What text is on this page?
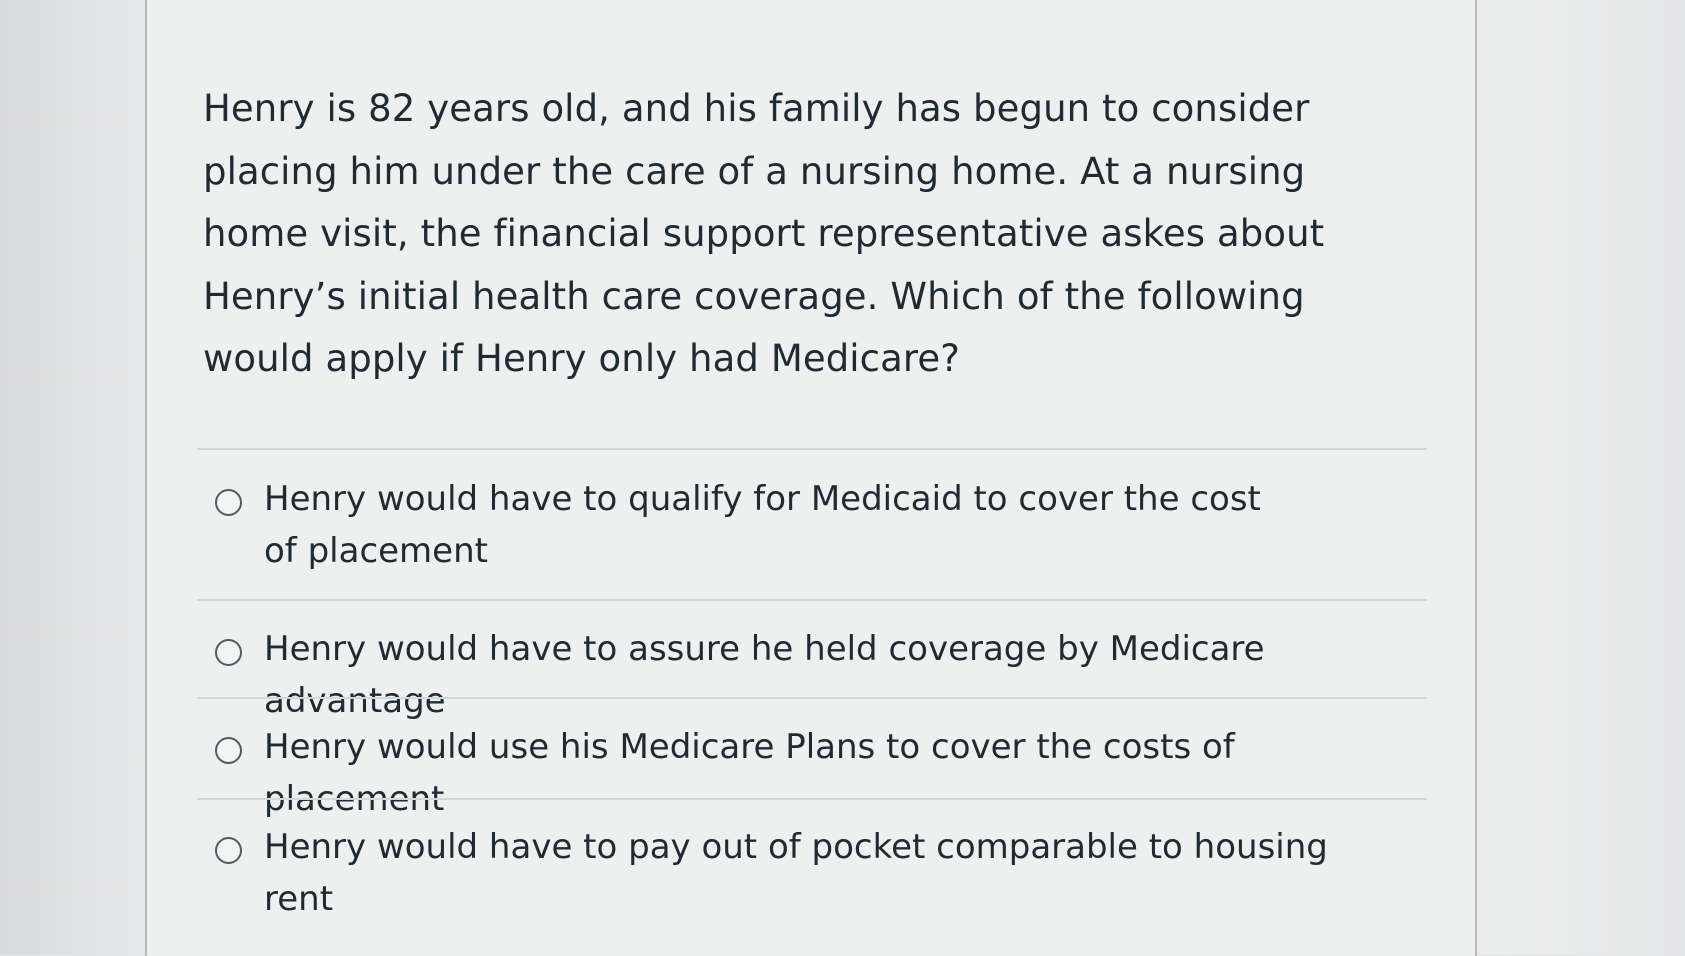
Henry is 82 years old, and his family has begun to consider placing him under the care of a nursing home. At a nursing home visit, the financial support representative askes about Henry’s initial health care coverage. Which of the following would apply if Henry only had Medicare?

Henry would have to qualify for Medicaid to cover the cost of placement
Henry would have to assure he held coverage by Medicare advantage
Henry would use his Medicare Plans to cover the costs of placement
Henry would have to pay out of pocket comparable to housing rent
